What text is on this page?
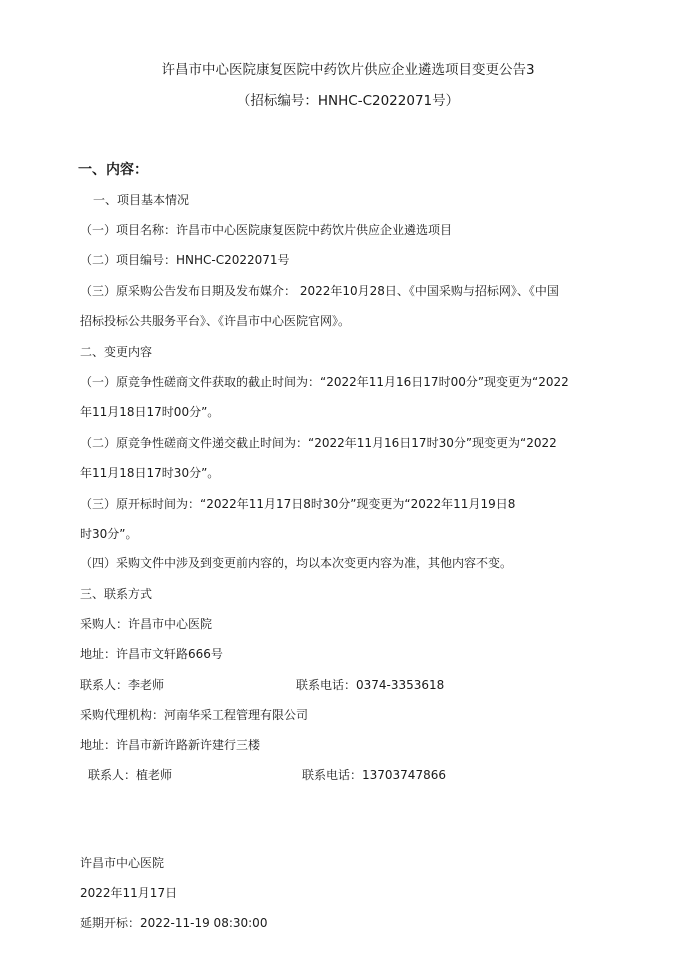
许昌市中心医院康复医院中药饮片供应企业遴选项目变更公告3
（招标编号：HNHC-C2022071号）
一、内容：
一、项目基本情况
（一）项目名称：许昌市中心医院康复医院中药饮片供应企业遴选项目
（二）项目编号：HNHC-C2022071号
（三）原采购公告发布日期及发布媒介： 2022年10月28日、《中国采购与招标网》、《中国
招标投标公共服务平台》、《许昌市中心医院官网》。
二、变更内容
（一）原竞争性磋商文件获取的截止时间为：“2022年11月16日17时00分”现变更为“2022
年11月18日17时00分”。
（二）原竞争性磋商文件递交截止时间为：“2022年11月16日17时30分”现变更为“2022
年11月18日17时30分”。
（三）原开标时间为：“2022年11月17日8时30分”现变更为“2022年11月19日8
时30分”。
（四）采购文件中涉及到变更前内容的，均以本次变更内容为准，其他内容不变。
三、联系方式
采购人：许昌市中心医院
地址：许昌市文轩路666号
联系人：李老师	联系电话：0374-3353618
采购代理机构：河南华采工程管理有限公司
地址：许昌市新许路新许建行三楼
联系人：植老师	联系电话：13703747866
许昌市中心医院
2022年11月17日
延期开标：2022-11-19 08:30:00
